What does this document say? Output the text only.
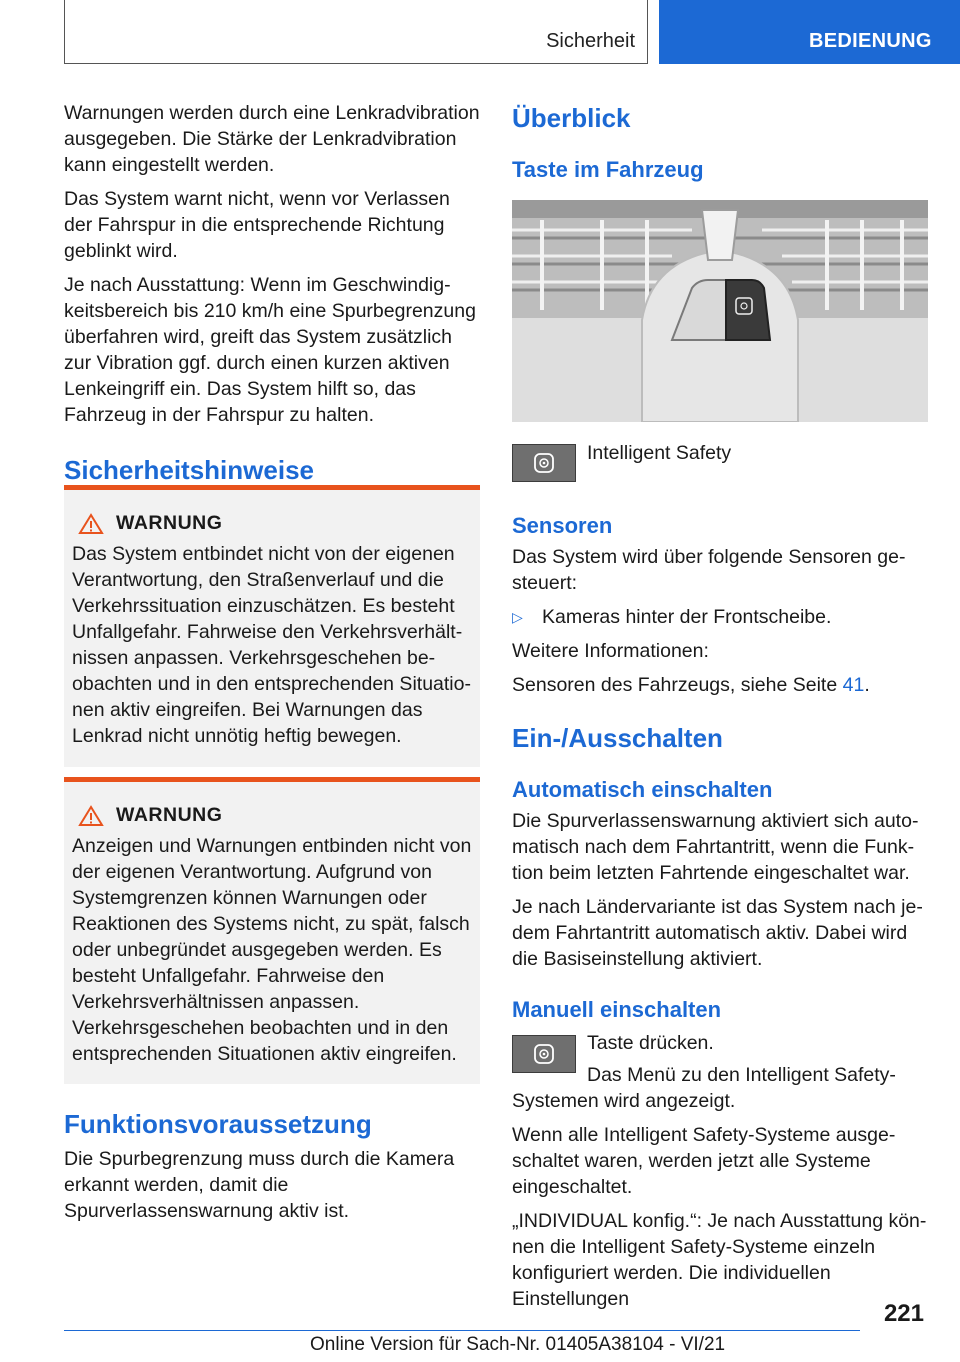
Sicherheit	BEDIENUNG

Warnungen werden durch eine Lenkradvibration ausgegeben. Die Stärke der Lenkradvibration kann eingestellt werden.

Das System warnt nicht, wenn vor Verlassen der Fahrspur in die entsprechende Richtung geblinkt wird.

Je nach Ausstattung: Wenn im Geschwindigkeitsbereich bis 210 km/h eine Spurbegrenzung überfahren wird, greift das System zusätzlich zur Vibration ggf. durch einen kurzen aktiven Lenkeingriff ein. Das System hilft so, das Fahrzeug in der Fahrspur zu halten.

Sicherheitshinweise
WARNUNG

Das System entbindet nicht von der eigenen Verantwortung, den Straßenverlauf und die Verkehrssituation einzuschätzen. Es besteht Unfallgefahr. Fahrweise den Verkehrsverhältnissen anpassen. Verkehrsgeschehen beobachten und in den entsprechenden Situationen aktiv eingreifen. Bei Warnungen das Lenkrad nicht unnötig heftig bewegen.

WARNUNG

Anzeigen und Warnungen entbinden nicht von der eigenen Verantwortung. Aufgrund von Systemgrenzen können Warnungen oder Reaktionen des Systems nicht, zu spät, falsch oder unbegründet ausgegeben werden. Es besteht Unfallgefahr. Fahrweise den Verkehrsverhältnissen anpassen. Verkehrsgeschehen beobachten und in den entsprechenden Situationen aktiv eingreifen.

Funktionsvoraussetzung

Die Spurbegrenzung muss durch die Kamera erkannt werden, damit die Spurverlassenswarnung aktiv ist.

Überblick
Taste im Fahrzeug

Intelligent Safety

Sensoren

Das System wird über folgende Sensoren gesteuert:

▷ Kameras hinter der Frontscheibe.

Weitere Informationen:

Sensoren des Fahrzeugs, siehe Seite 41.

Ein-/Ausschalten
Automatisch einschalten

Die Spurverlassenswarnung aktiviert sich automatisch nach dem Fahrtantritt, wenn die Funktion beim letzten Fahrtende eingeschaltet war.

Je nach Ländervariante ist das System nach jedem Fahrtantritt automatisch aktiv. Dabei wird die Basiseinstellung aktiviert.

Manuell einschalten

Taste drücken.

Das Menü zu den Intelligent Safety-

Systemen wird angezeigt.

Wenn alle Intelligent Safety-Systeme ausgeschaltet waren, werden jetzt alle Systeme eingeschaltet.

„INDIVIDUAL konfig.“: Je nach Ausstattung können die Intelligent Safety-Systeme einzeln konfiguriert werden. Die individuellen Einstellungen

221
Online Version für Sach-Nr. 01405A38104 - VI/21
